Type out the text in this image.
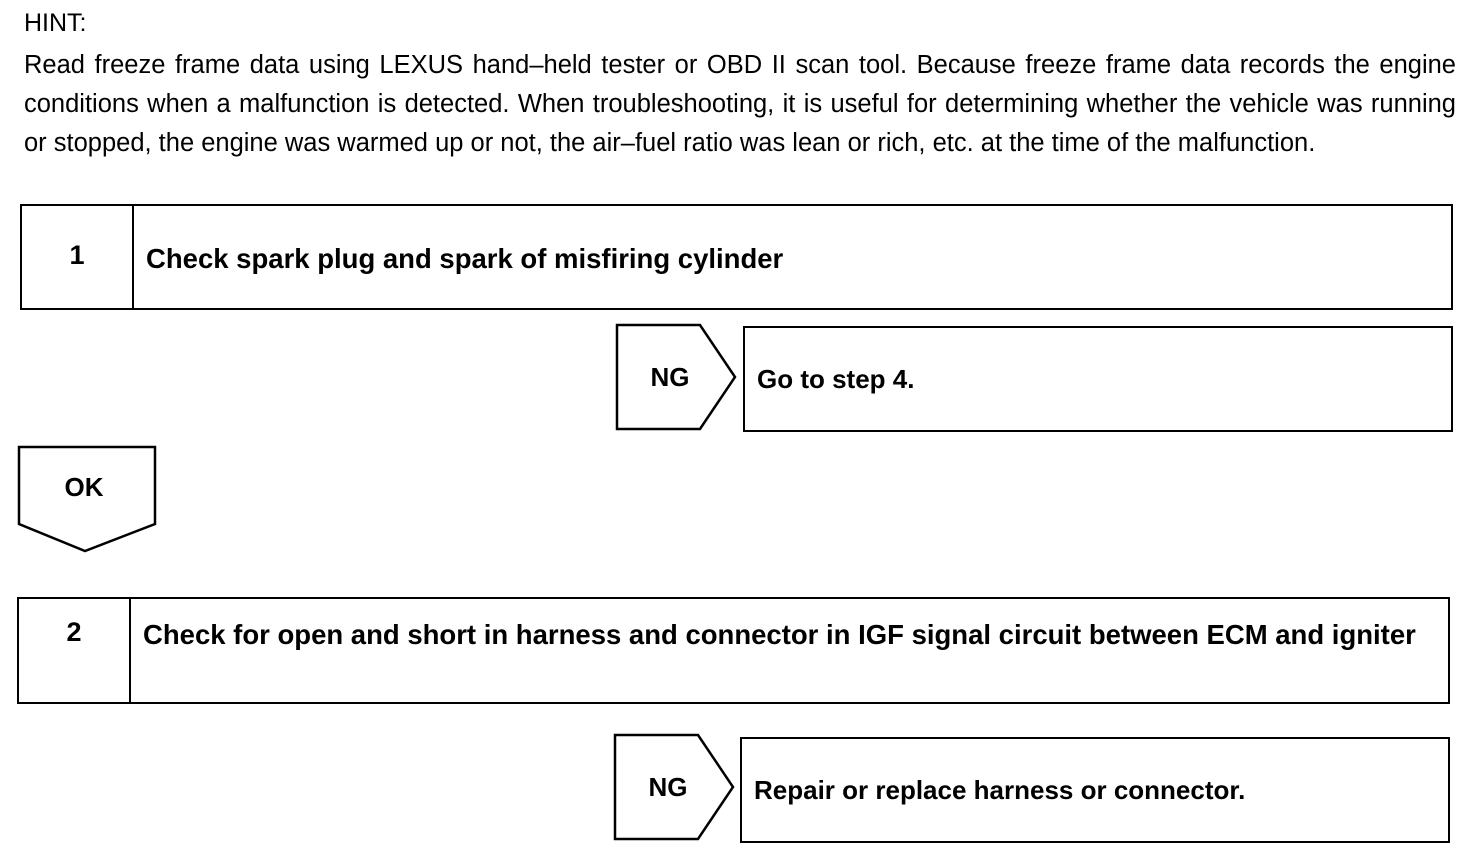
HINT:
Read freeze frame data using LEXUS hand–held tester or OBD II scan tool. Because freeze frame data records the engine conditions when a malfunction is detected. When troubleshooting, it is useful for determining whether the vehicle was running or stopped, the engine was warmed up or not, the air–fuel ratio was lean or rich, etc. at the time of the malfunction.
1	Check spark plug and spark of misfiring cylinder
NG	Go to step 4.
OK
2	Check for open and short in harness and connector in IGF signal circuit between ECM and igniter
NG	Repair or replace harness or connector.
